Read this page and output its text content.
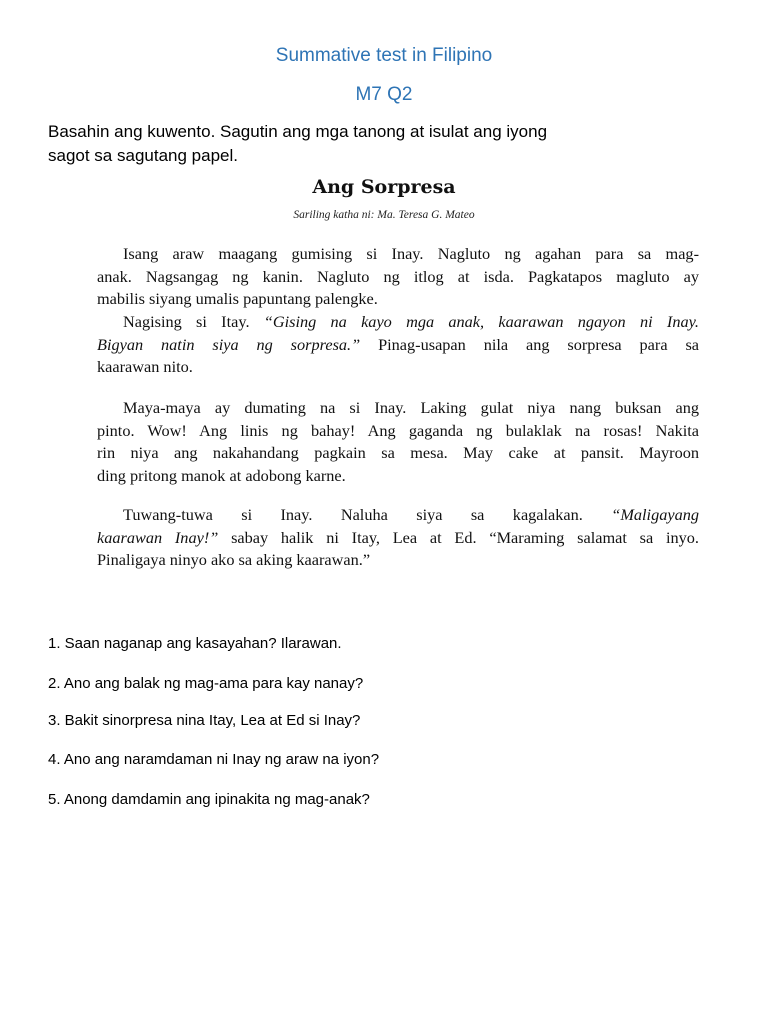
Summative test in Filipino
M7 Q2
Basahin ang kuwento. Sagutin ang mga tanong at isulat ang iyong
sagot sa sagutang papel.
Ang Sorpresa
Sariling katha ni: Ma. Teresa G. Mateo
Isang araw maagang gumising si Inay. Nagluto ng agahan para sa mag-
anak. Nagsangag ng kanin. Nagluto ng itlog at isda. Pagkatapos magluto ay
mabilis siyang umalis papuntang palengke.
Nagising si Itay. “Gising na kayo mga anak, kaarawan ngayon ni Inay.
Bigyan natin siya ng sorpresa.” Pinag-usapan nila ang sorpresa para sa
kaarawan nito.
Maya-maya ay dumating na si Inay. Laking gulat niya nang buksan ang
pinto. Wow! Ang linis ng bahay! Ang gaganda ng bulaklak na rosas! Nakita
rin niya ang nakahandang pagkain sa mesa. May cake at pansit. Mayroon
ding pritong manok at adobong karne.
Tuwang-tuwa si Inay. Naluha siya sa kagalakan. “Maligayang
kaarawan Inay!” sabay halik ni Itay, Lea at Ed. “Maraming salamat sa inyo.
Pinaligaya ninyo ako sa aking kaarawan.”
1. Saan naganap ang kasayahan? Ilarawan.
2. Ano ang balak ng mag-ama para kay nanay?
3. Bakit sinorpresa nina Itay, Lea at Ed si Inay?
4. Ano ang naramdaman ni Inay ng araw na iyon?
5. Anong damdamin ang ipinakita ng mag-anak?
